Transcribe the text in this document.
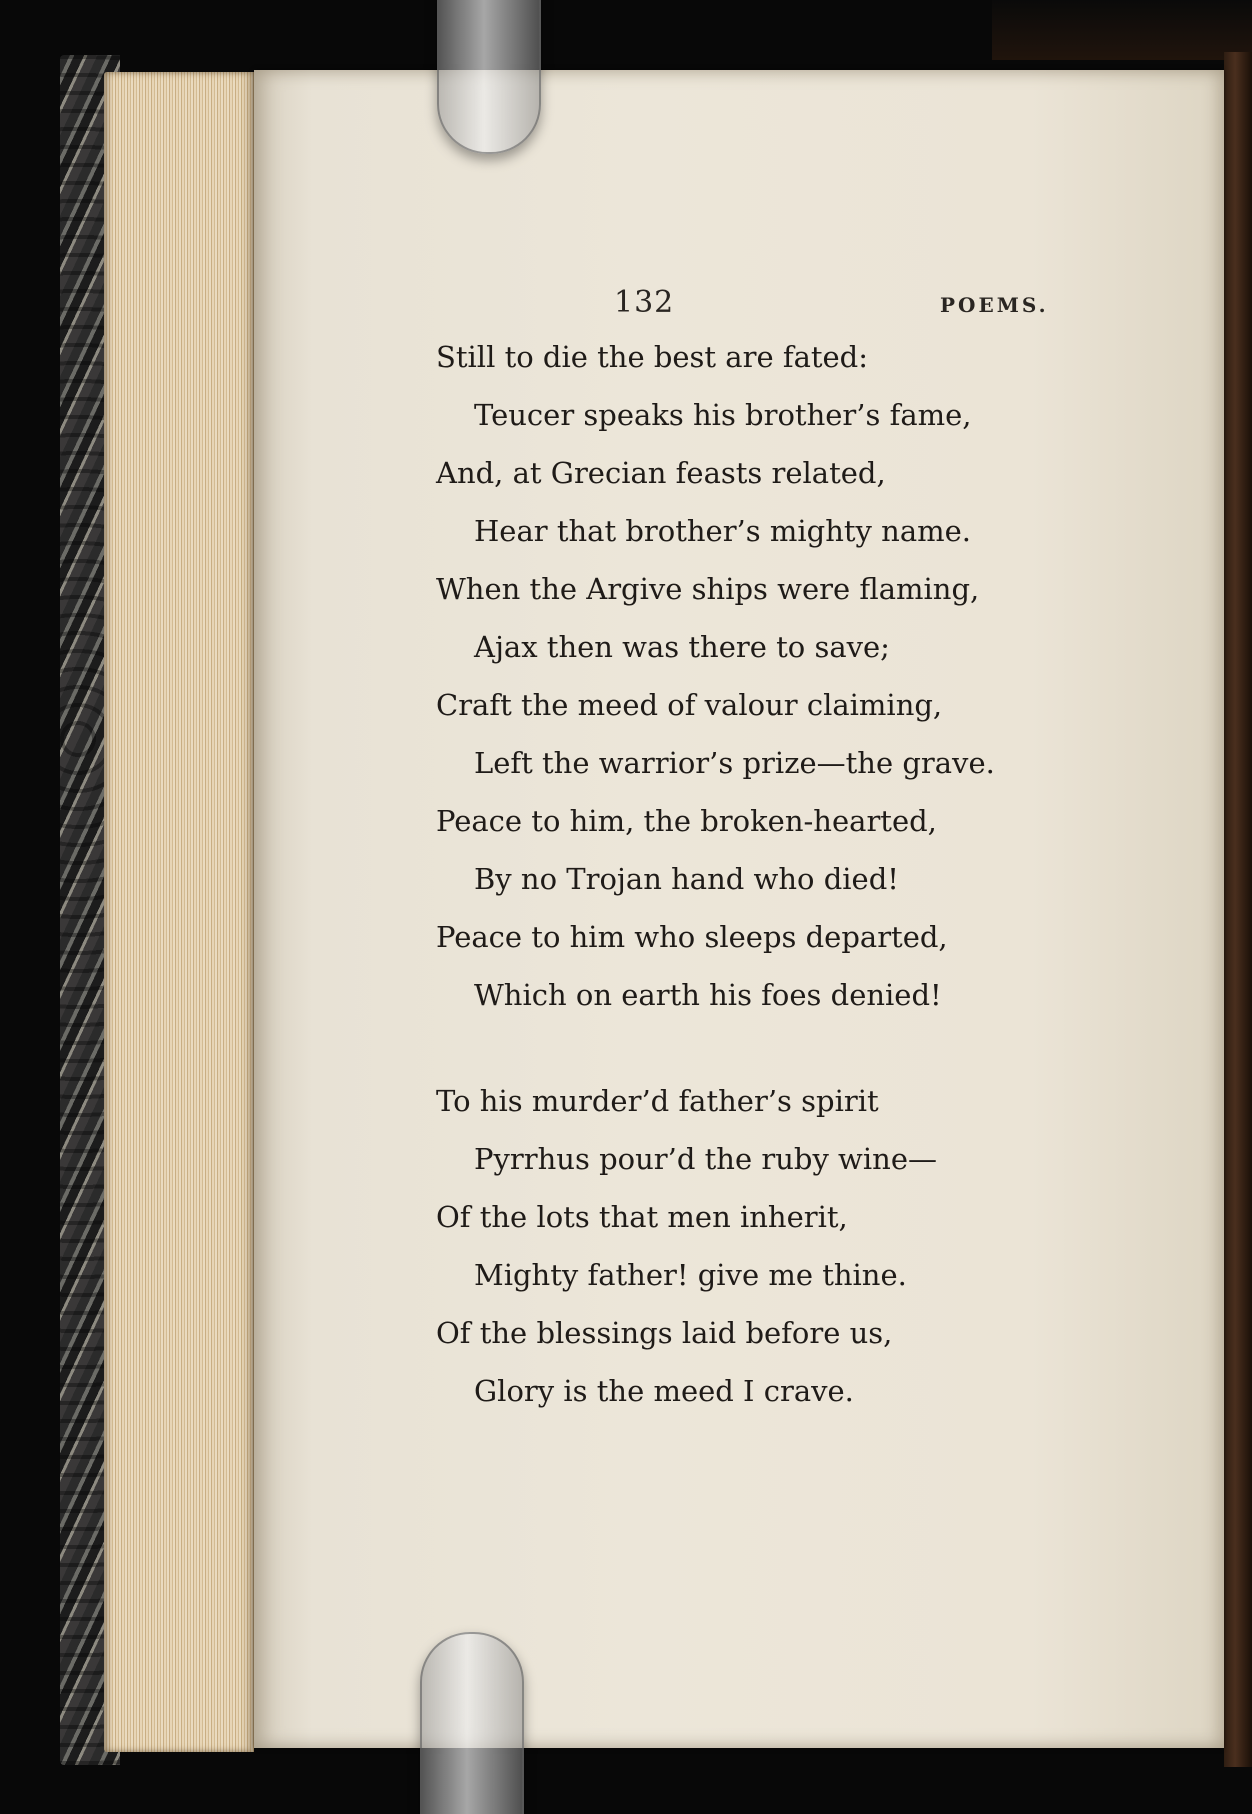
132	POEMS.
Still to die the best are fated:
Teucer speaks his brother’s fame,
And, at Grecian feasts related,
Hear that brother’s mighty name.
When the Argive ships were flaming,
Ajax then was there to save;
Craft the meed of valour claiming,
Left the warrior’s prize—the grave.
Peace to him, the broken-hearted,
By no Trojan hand who died!
Peace to him who sleeps departed,
Which on earth his foes denied!
To his murder’d father’s spirit
Pyrrhus pour’d the ruby wine—
Of the lots that men inherit,
Mighty father! give me thine.
Of the blessings laid before us,
Glory is the meed I crave.
